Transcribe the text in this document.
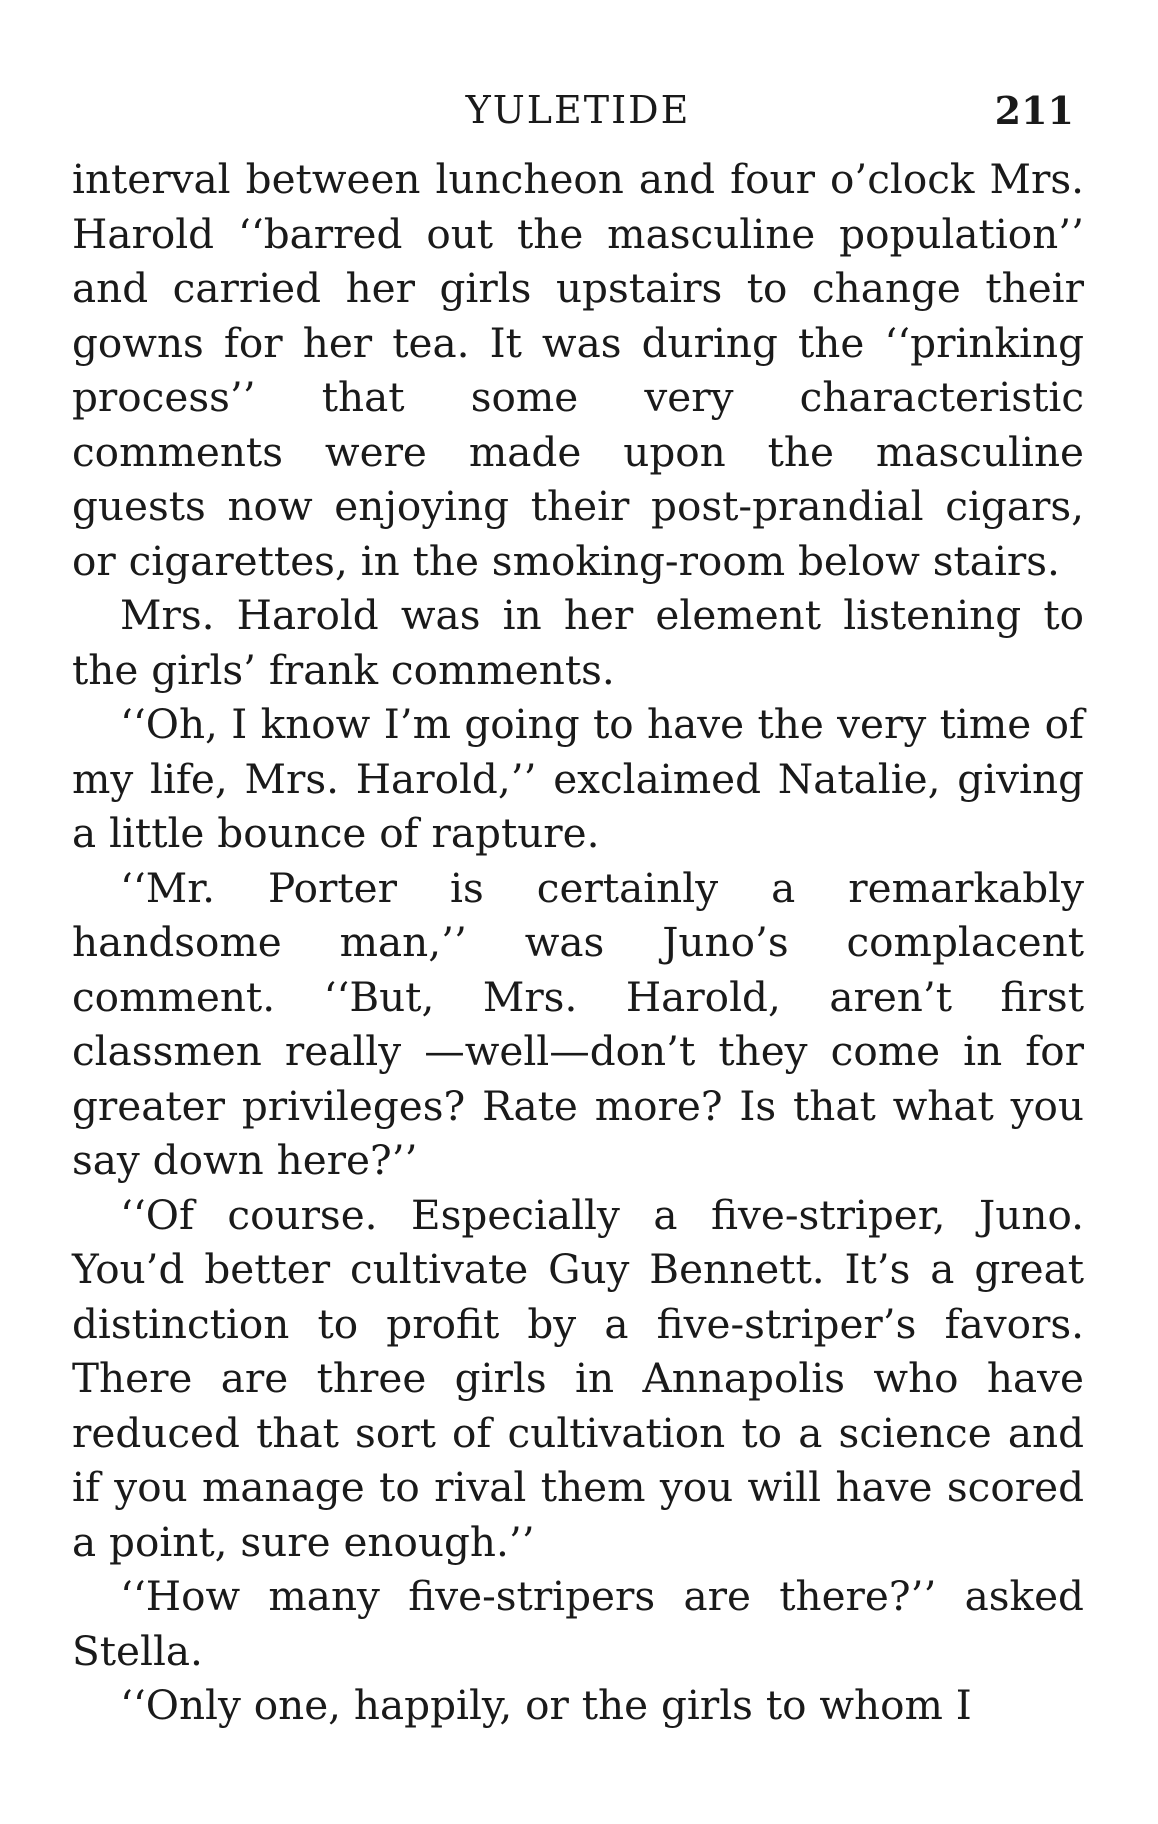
YULETIDE	211

interval between luncheon and four o’clock Mrs. Harold ‘‘barred out the masculine population’’ and carried her girls upstairs to change their gowns for her tea. It was during the ‘‘prinking process’’ that some very characteristic comments were made upon the masculine guests now enjoying their post-prandial cigars, or cigarettes, in the smoking-room below stairs.

Mrs. Harold was in her element listening to the girls’ frank comments.

‘‘Oh, I know I’m going to have the very time of my life, Mrs. Harold,’’ exclaimed Natalie, giving a little bounce of rapture.

‘‘Mr. Porter is certainly a remarkably handsome man,’’ was Juno’s complacent comment. ‘‘But, Mrs. Harold, aren’t first classmen really —well—don’t they come in for greater privileges? Rate more? Is that what you say down here?’’

‘‘Of course. Especially a five-striper, Juno. You’d better cultivate Guy Bennett. It’s a great distinction to profit by a five-striper’s favors. There are three girls in Annapolis who have reduced that sort of cultivation to a science and if you manage to rival them you will have scored a point, sure enough.’’

‘‘How many five-stripers are there?’’ asked Stella.

‘‘Only one, happily, or the girls to whom I
